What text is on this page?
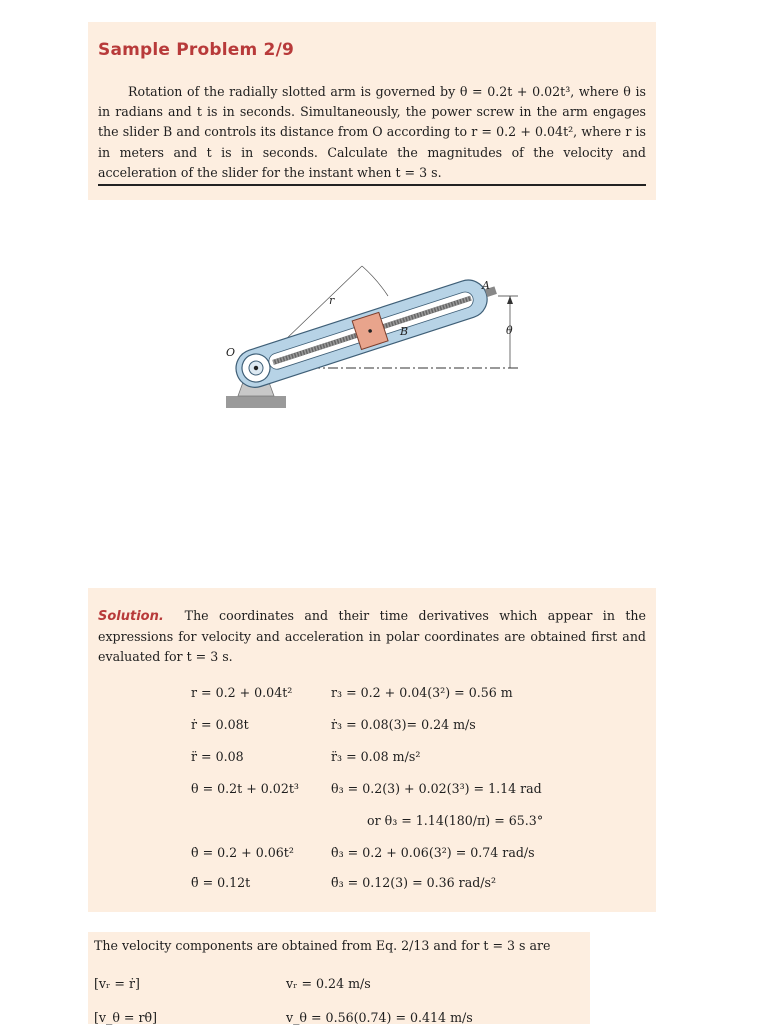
Sample Problem 2/9
Rotation of the radially slotted arm is governed by θ = 0.2t + 0.02t³, where θ is in radians and t is in seconds. Simultaneously, the power screw in the arm engages the slider B and controls its distance from O according to r = 0.2 + 0.04t², where r is in meters and t is in seconds. Calculate the magnitudes of the velocity and acceleration of the slider for the instant when t = 3 s.
O
r
A
B	θ
Solution. The coordinates and their time derivatives which appear in the expressions for velocity and acceleration in polar coordinates are obtained first and evaluated for t = 3 s.
r = 0.2 + 0.04t²	r₃ = 0.2 + 0.04(3²) = 0.56 m
ṙ = 0.08t	ṙ₃ = 0.08(3)= 0.24 m/s
r̈ = 0.08	r̈₃ = 0.08 m/s²
θ = 0.2t + 0.02t³	θ₃ = 0.2(3) + 0.02(3³) = 1.14 rad
or θ₃ = 1.14(180/π) = 65.3°
θ̇ = 0.2 + 0.06t²	θ̇₃ = 0.2 + 0.06(3²) = 0.74 rad/s
θ̈ = 0.12t	θ̈₃ = 0.12(3) = 0.36 rad/s²
The velocity components are obtained from Eq. 2/13 and for t = 3 s are
[vᵣ = ṙ]	vᵣ = 0.24 m/s
[v_θ = rθ̇]	v_θ = 0.56(0.74) = 0.414 m/s
